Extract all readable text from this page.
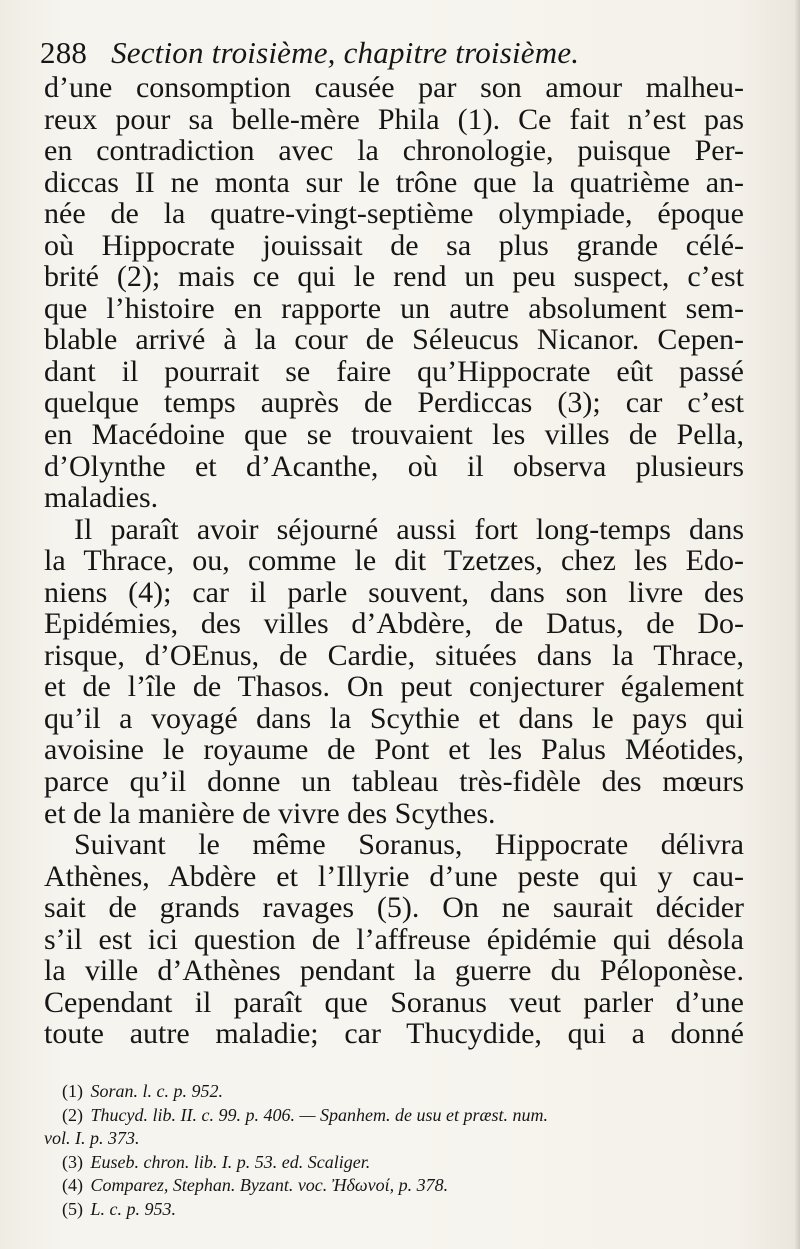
288 Section troisième, chapitre troisième.
d’une consomption causée par son amour malheu-
reux pour sa belle-mère Phila (1). Ce fait n’est pas
en contradiction avec la chronologie, puisque Per-
diccas II ne monta sur le trône que la quatrième an-
née de la quatre-vingt-septième olympiade, époque
où Hippocrate jouissait de sa plus grande célé-
brité (2); mais ce qui le rend un peu suspect, c’est
que l’histoire en rapporte un autre absolument sem-
blable arrivé à la cour de Séleucus Nicanor. Cepen-
dant il pourrait se faire qu’Hippocrate eût passé
quelque temps auprès de Perdiccas (3); car c’est
en Macédoine que se trouvaient les villes de Pella,
d’Olynthe et d’Acanthe, où il observa plusieurs
maladies.
Il paraît avoir séjourné aussi fort long-temps dans
la Thrace, ou, comme le dit Tzetzes, chez les Edo-
niens (4); car il parle souvent, dans son livre des
Epidémies, des villes d’Abdère, de Datus, de Do-
risque, d’OEnus, de Cardie, situées dans la Thrace,
et de l’île de Thasos. On peut conjecturer également
qu’il a voyagé dans la Scythie et dans le pays qui
avoisine le royaume de Pont et les Palus Méotides,
parce qu’il donne un tableau très-fidèle des mœurs
et de la manière de vivre des Scythes.
Suivant le même Soranus, Hippocrate délivra
Athènes, Abdère et l’Illyrie d’une peste qui y cau-
sait de grands ravages (5). On ne saurait décider
s’il est ici question de l’affreuse épidémie qui désola
la ville d’Athènes pendant la guerre du Péloponèse.
Cependant il paraît que Soranus veut parler d’une
toute autre maladie; car Thucydide, qui a donné
(1) Soran. l. c. p. 952.
(2) Thucyd. lib. II. c. 99. p. 406. — Spanhem. de usu et præst. num.
vol. I. p. 373.
(3) Euseb. chron. lib. I. p. 53. ed. Scaliger.
(4) Comparez, Stephan. Byzant. voc. Ἠδωνοί, p. 378.
(5) L. c. p. 953.
